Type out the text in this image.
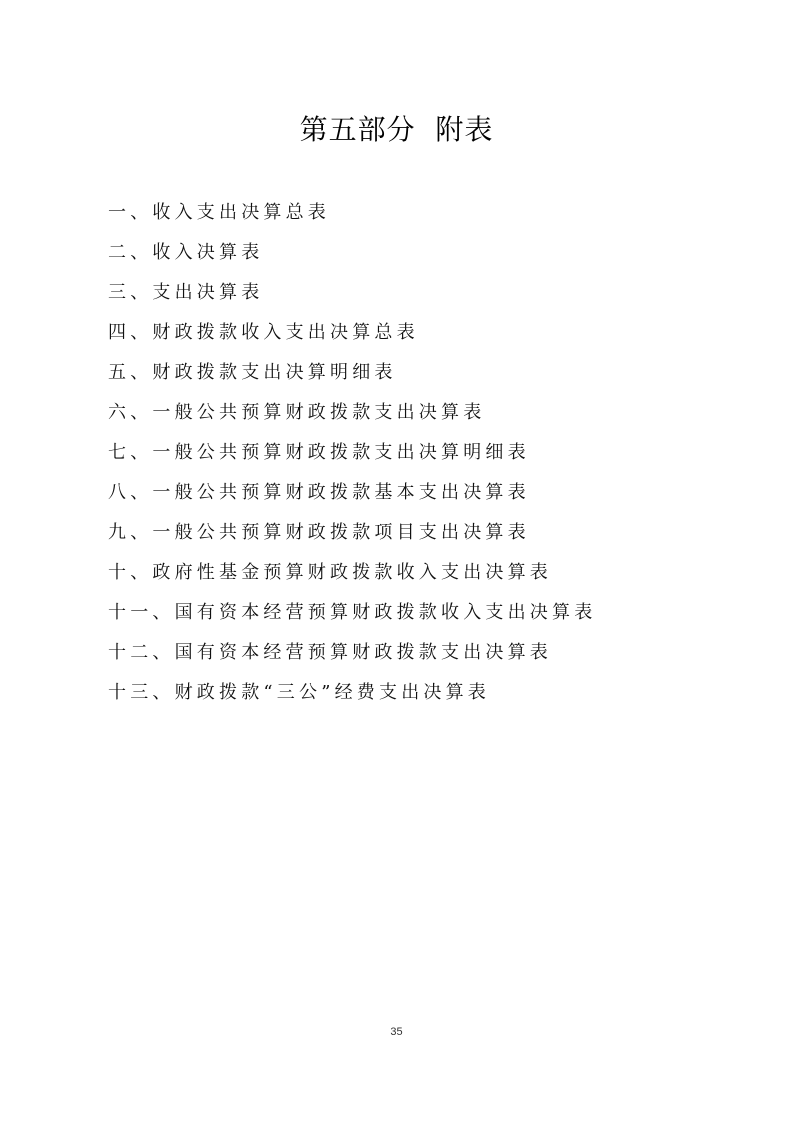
第五部分  附表
一、收入支出决算总表
二、收入决算表
三、支出决算表
四、财政拨款收入支出决算总表
五、财政拨款支出决算明细表
六、一般公共预算财政拨款支出决算表
七、一般公共预算财政拨款支出决算明细表
八、一般公共预算财政拨款基本支出决算表
九、一般公共预算财政拨款项目支出决算表
十、政府性基金预算财政拨款收入支出决算表
十一、国有资本经营预算财政拨款收入支出决算表
十二、国有资本经营预算财政拨款支出决算表
十三、财政拨款“三公”经费支出决算表
35
